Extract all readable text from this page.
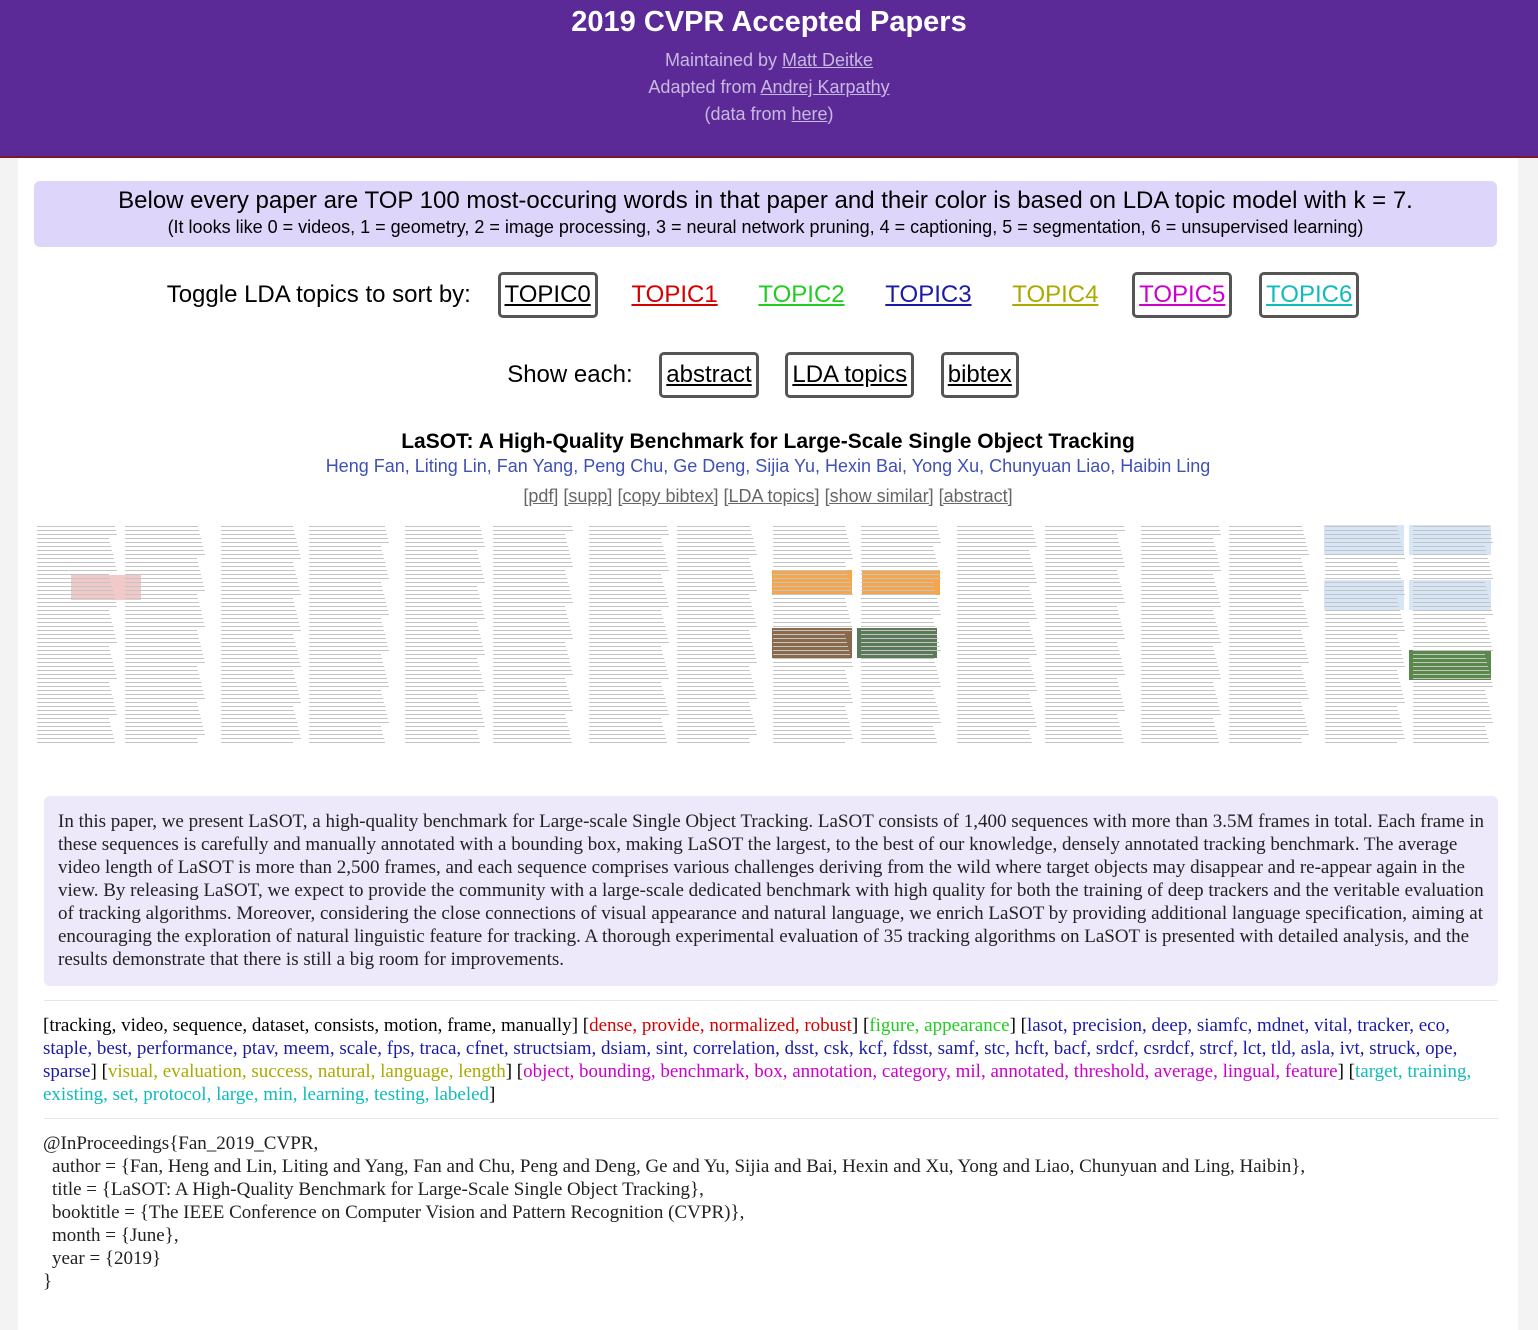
2019 CVPR Accepted Papers
Maintained by Matt Deitke
Adapted from Andrej Karpathy
(data from here)
Below every paper are TOP 100 most-occuring words in that paper and their color is based on LDA topic model with k = 7.
(It looks like 0 = videos, 1 = geometry, 2 = image processing, 3 = neural network pruning, 4 = captioning, 5 = segmentation, 6 = unsupervised learning)
Toggle LDA topics to sort by: TOPIC0 TOPIC1 TOPIC2 TOPIC3 TOPIC4 TOPIC5 TOPIC6
Show each: abstract LDA topics bibtex
LaSOT: A High-Quality Benchmark for Large-Scale Single Object Tracking
Heng Fan, Liting Lin, Fan Yang, Peng Chu, Ge Deng, Sijia Yu, Hexin Bai, Yong Xu, Chunyuan Liao, Haibin Ling
[pdf] [supp] [copy bibtex] [LDA topics] [show similar] [abstract]

In this paper, we present LaSOT, a high-quality benchmark for Large-scale Single Object Tracking. LaSOT consists of 1,400 sequences with more than 3.5M frames in total. Each frame in these sequences is carefully and manually annotated with a bounding box, making LaSOT the largest, to the best of our knowledge, densely annotated tracking benchmark. The average video length of LaSOT is more than 2,500 frames, and each sequence comprises various challenges deriving from the wild where target objects may disappear and re-appear again in the view. By releasing LaSOT, we expect to provide the community with a large-scale dedicated benchmark with high quality for both the training of deep trackers and the veritable evaluation of tracking algorithms. Moreover, considering the close connections of visual appearance and natural language, we enrich LaSOT by providing additional language specification, aiming at encouraging the exploration of natural linguistic feature for tracking. A thorough experimental evaluation of 35 tracking algorithms on LaSOT is presented with detailed analysis, and the results demonstrate that there is still a big room for improvements.

[tracking, video, sequence, dataset, consists, motion, frame, manually] [dense, provide, normalized, robust] [figure, appearance] [lasot, precision, deep, siamfc, mdnet, vital, tracker, eco, staple, best, performance, ptav, meem, scale, fps, traca, cfnet, structsiam, dsiam, sint, correlation, dsst, csk, kcf, fdsst, samf, stc, hcft, bacf, srdcf, csrdcf, strcf, lct, tld, asla, ivt, struck, ope, sparse] [visual, evaluation, success, natural, language, length] [object, bounding, benchmark, box, annotation, category, mil, annotated, threshold, average, lingual, feature] [target, training, existing, set, protocol, large, min, learning, testing, labeled]
@InProceedings{Fan_2019_CVPR,
author = {Fan, Heng and Lin, Liting and Yang, Fan and Chu, Peng and Deng, Ge and Yu, Sijia and Bai, Hexin and Xu, Yong and Liao, Chunyuan and Ling, Haibin},
title = {LaSOT: A High-Quality Benchmark for Large-Scale Single Object Tracking},
booktitle = {The IEEE Conference on Computer Vision and Pattern Recognition (CVPR)},
month = {June},
year = {2019}
}
